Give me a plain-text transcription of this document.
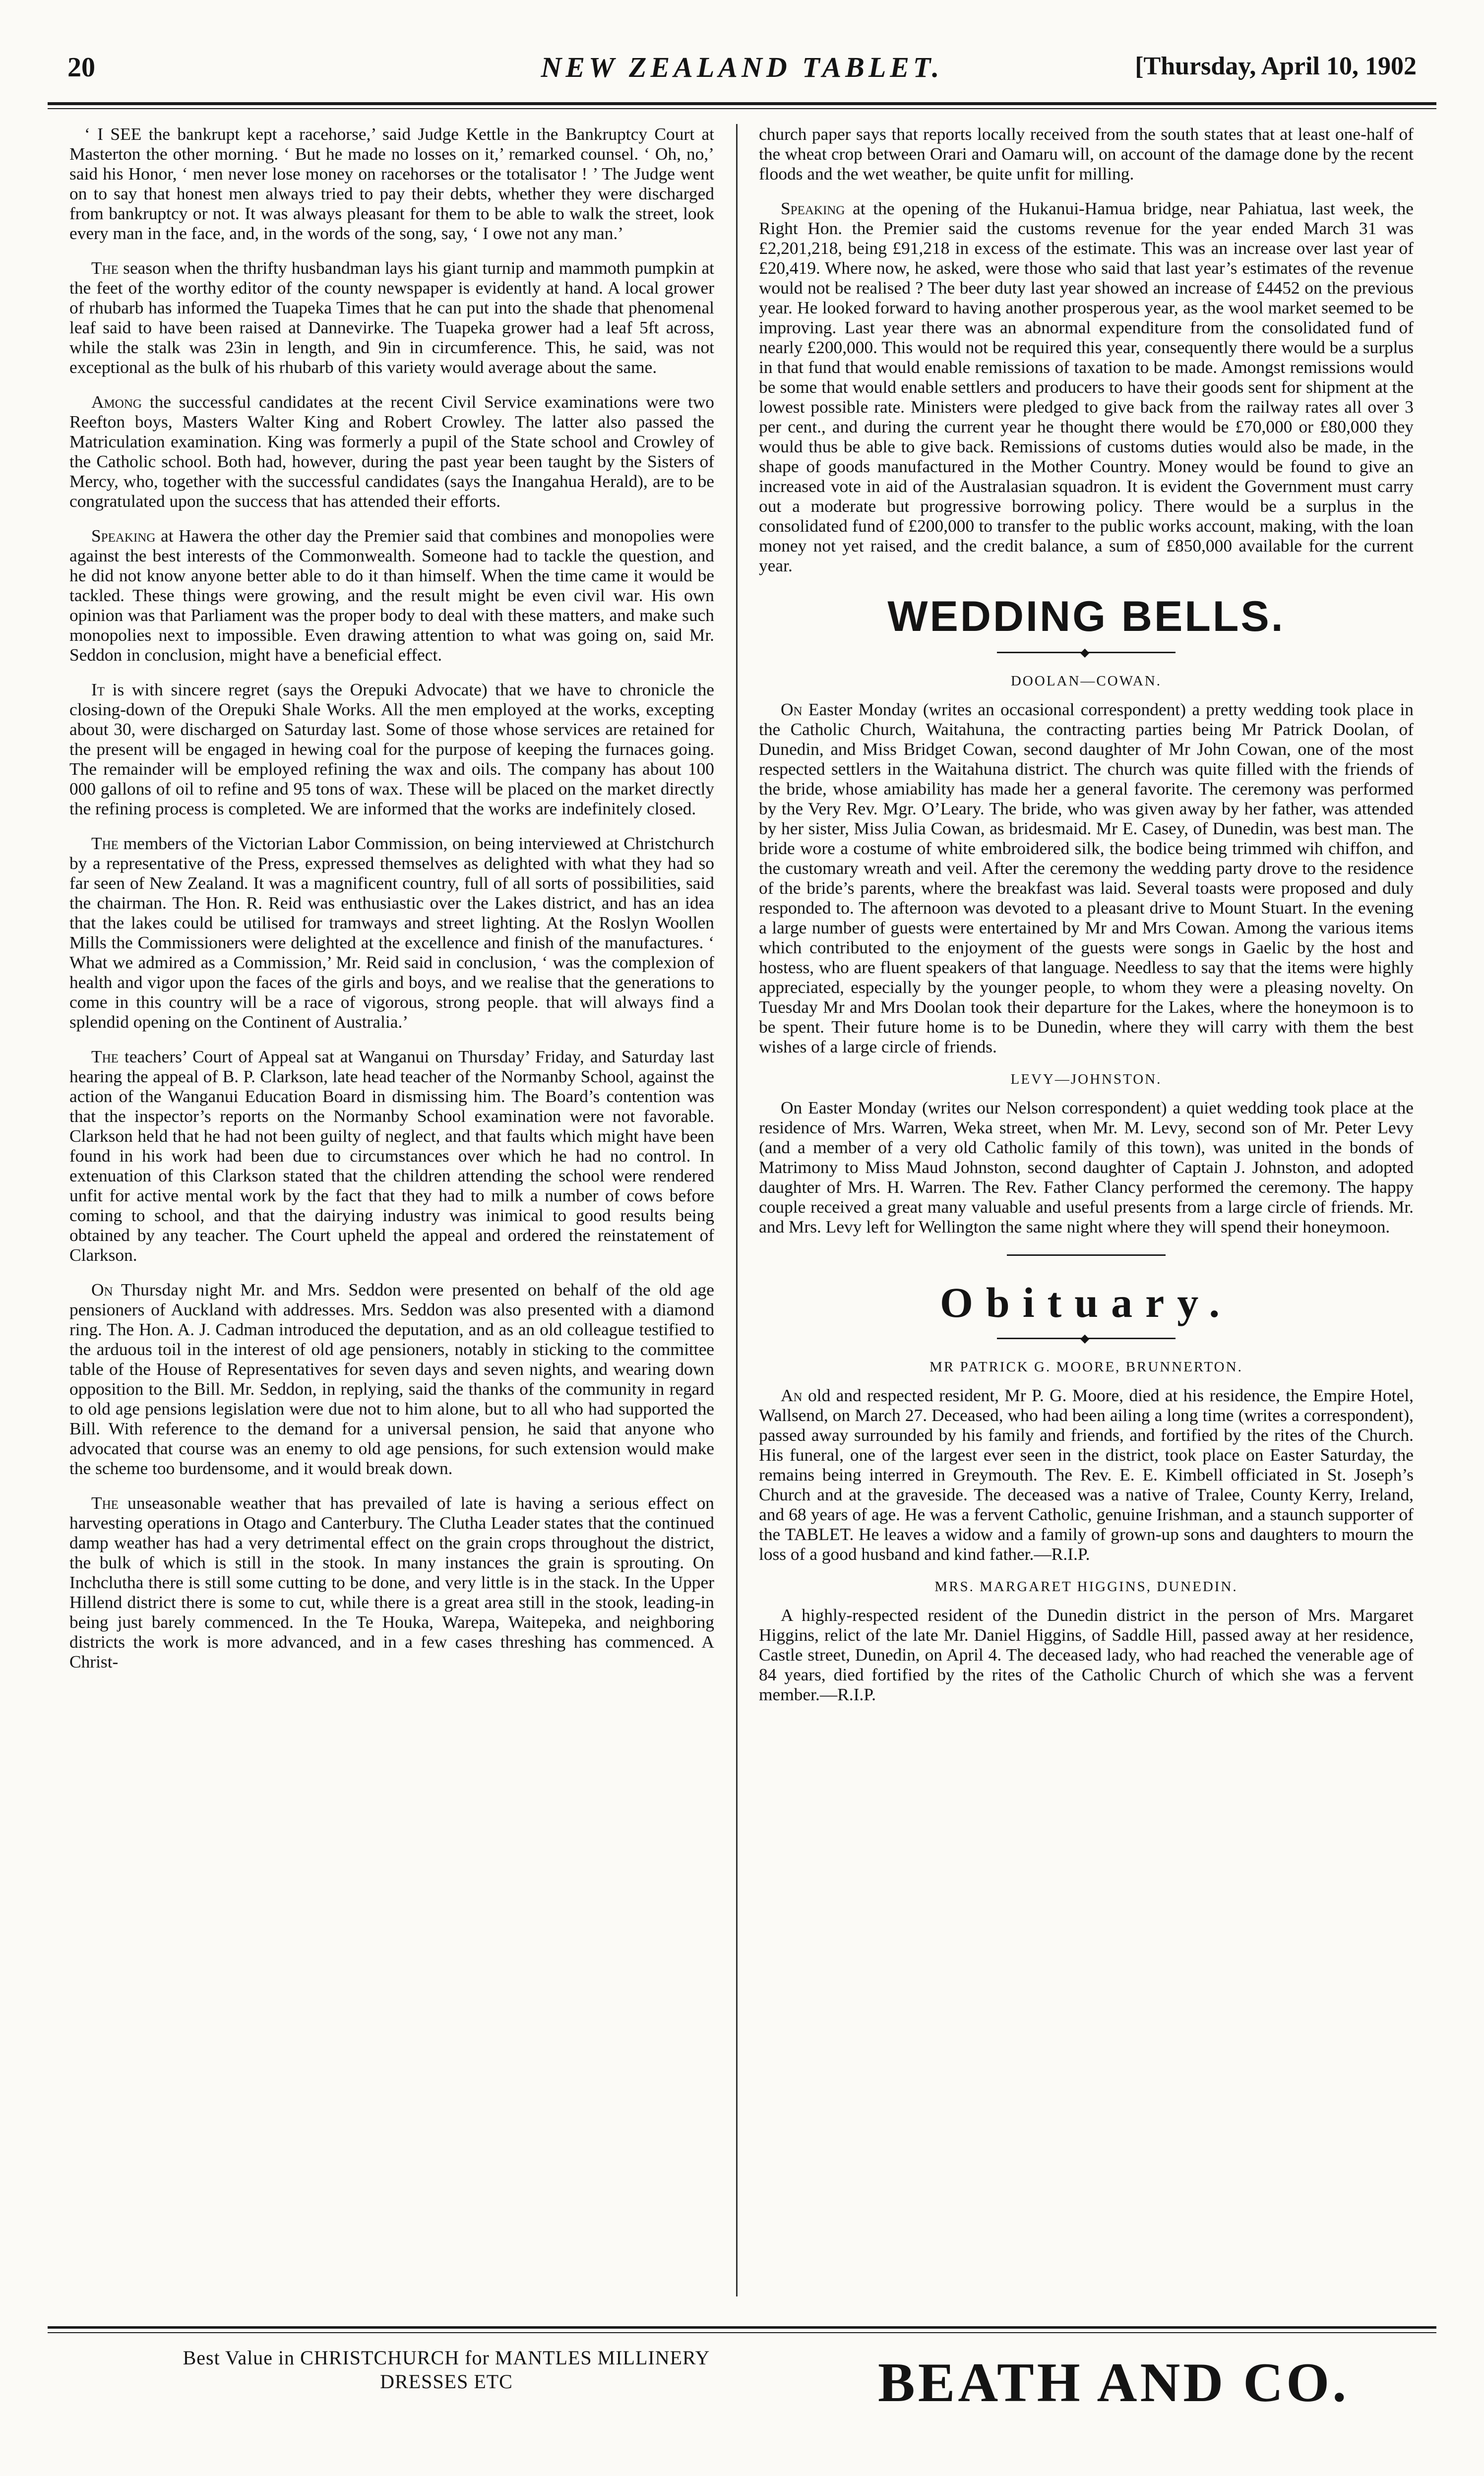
20	NEW ZEALAND TABLET.	[Thursday, April 10, 1902

‘ I SEE the bankrupt kept a racehorse,’ said Judge Kettle in the Bankruptcy Court at Masterton the other morning. ‘ But he made no losses on it,’ remarked counsel. ‘ Oh, no,’ said his Honor, ‘ men never lose money on racehorses or the totalisator ! ’ The Judge went on to say that honest men always tried to pay their debts, whether they were discharged from bankruptcy or not. It was always pleasant for them to be able to walk the street, look every man in the face, and, in the words of the song, say, ‘ I owe not any man.’

The season when the thrifty husbandman lays his giant turnip and mammoth pumpkin at the feet of the worthy editor of the county newspaper is evidently at hand. A local grower of rhubarb has informed the Tuapeka Times that he can put into the shade that phenomenal leaf said to have been raised at Dannevirke. The Tuapeka grower had a leaf 5ft across, while the stalk was 23in in length, and 9in in circumference. This, he said, was not exceptional as the bulk of his rhubarb of this variety would average about the same.

Among the successful candidates at the recent Civil Service examinations were two Reefton boys, Masters Walter King and Robert Crowley. The latter also passed the Matriculation examination. King was formerly a pupil of the State school and Crowley of the Catholic school. Both had, however, during the past year been taught by the Sisters of Mercy, who, together with the successful candidates (says the Inangahua Herald), are to be congratulated upon the success that has attended their efforts.

Speaking at Hawera the other day the Premier said that combines and monopolies were against the best interests of the Commonwealth. Someone had to tackle the question, and he did not know anyone better able to do it than himself. When the time came it would be tackled. These things were growing, and the result might be even civil war. His own opinion was that Parliament was the proper body to deal with these matters, and make such monopolies next to impossible. Even drawing attention to what was going on, said Mr. Seddon in conclusion, might have a beneficial effect.

It is with sincere regret (says the Orepuki Advocate) that we have to chronicle the closing-down of the Orepuki Shale Works. All the men employed at the works, excepting about 30, were discharged on Saturday last. Some of those whose services are retained for the present will be engaged in hewing coal for the purpose of keeping the furnaces going. The remainder will be employed refining the wax and oils. The company has about 100 000 gallons of oil to refine and 95 tons of wax. These will be placed on the market directly the refining process is completed. We are informed that the works are indefinitely closed.

The members of the Victorian Labor Commission, on being interviewed at Christchurch by a representative of the Press, expressed themselves as delighted with what they had so far seen of New Zealand. It was a magnificent country, full of all sorts of possibilities, said the chairman. The Hon. R. Reid was enthusiastic over the Lakes district, and has an idea that the lakes could be utilised for tramways and street lighting. At the Roslyn Woollen Mills the Commissioners were delighted at the excellence and finish of the manufactures. ‘ What we admired as a Commission,’ Mr. Reid said in conclusion, ‘ was the complexion of health and vigor upon the faces of the girls and boys, and we realise that the generations to come in this country will be a race of vigorous, strong people. that will always find a splendid opening on the Continent of Australia.’

The teachers’ Court of Appeal sat at Wanganui on Thursday’ Friday, and Saturday last hearing the appeal of B. P. Clarkson, late head teacher of the Normanby School, against the action of the Wanganui Education Board in dismissing him. The Board’s contention was that the inspector’s reports on the Normanby School examination were not favorable. Clarkson held that he had not been guilty of neglect, and that faults which might have been found in his work had been due to circumstances over which he had no control. In extenuation of this Clarkson stated that the children attending the school were rendered unfit for active mental work by the fact that they had to milk a number of cows before coming to school, and that the dairying industry was inimical to good results being obtained by any teacher. The Court upheld the appeal and ordered the reinstatement of Clarkson.

On Thursday night Mr. and Mrs. Seddon were presented on behalf of the old age pensioners of Auckland with addresses. Mrs. Seddon was also presented with a diamond ring. The Hon. A. J. Cadman introduced the deputation, and as an old colleague testified to the arduous toil in the interest of old age pensioners, notably in sticking to the committee table of the House of Representatives for seven days and seven nights, and wearing down opposition to the Bill. Mr. Seddon, in replying, said the thanks of the community in regard to old age pensions legislation were due not to him alone, but to all who had supported the Bill. With reference to the demand for a universal pension, he said that anyone who advocated that course was an enemy to old age pensions, for such extension would make the scheme too burdensome, and it would break down.

The unseasonable weather that has prevailed of late is having a serious effect on harvesting operations in Otago and Canterbury. The Clutha Leader states that the continued damp weather has had a very detrimental effect on the grain crops throughout the district, the bulk of which is still in the stook. In many instances the grain is sprouting. On Inchclutha there is still some cutting to be done, and very little is in the stack. In the Upper Hillend district there is some to cut, while there is a great area still in the stook, leading-in being just barely commenced. In the Te Houka, Warepa, Waitepeka, and neighboring districts the work is more advanced, and in a few cases threshing has commenced. A Christ-

church paper says that reports locally received from the south states that at least one-half of the wheat crop between Orari and Oamaru will, on account of the damage done by the recent floods and the wet weather, be quite unfit for milling.

Speaking at the opening of the Hukanui-Hamua bridge, near Pahiatua, last week, the Right Hon. the Premier said the customs revenue for the year ended March 31 was £2,201,218, being £91,218 in excess of the estimate. This was an increase over last year of £20,419. Where now, he asked, were those who said that last year’s estimates of the revenue would not be realised ? The beer duty last year showed an increase of £4452 on the previous year. He looked forward to having another prosperous year, as the wool market seemed to be improving. Last year there was an abnormal expenditure from the consolidated fund of nearly £200,000. This would not be required this year, consequently there would be a surplus in that fund that would enable remissions of taxation to be made. Amongst remissions would be some that would enable settlers and producers to have their goods sent for shipment at the lowest possible rate. Ministers were pledged to give back from the railway rates all over 3 per cent., and during the current year he thought there would be £70,000 or £80,000 they would thus be able to give back. Remissions of customs duties would also be made, in the shape of goods manufactured in the Mother Country. Money would be found to give an increased vote in aid of the Australasian squadron. It is evident the Government must carry out a moderate but progressive borrowing policy. There would be a surplus in the consolidated fund of £200,000 to transfer to the public works account, making, with the loan money not yet raised, and the credit balance, a sum of £850,000 available for the current year.

WEDDING BELLS.
◆
DOOLAN—COWAN.

On Easter Monday (writes an occasional correspondent) a pretty wedding took place in the Catholic Church, Waitahuna, the contracting parties being Mr Patrick Doolan, of Dunedin, and Miss Bridget Cowan, second daughter of Mr John Cowan, one of the most respected settlers in the Waitahuna district. The church was quite filled with the friends of the bride, whose amiability has made her a general favorite. The ceremony was performed by the Very Rev. Mgr. O’Leary. The bride, who was given away by her father, was attended by her sister, Miss Julia Cowan, as bridesmaid. Mr E. Casey, of Dunedin, was best man. The bride wore a costume of white embroidered silk, the bodice being trimmed wih chiffon, and the customary wreath and veil. After the ceremony the wedding party drove to the residence of the bride’s parents, where the breakfast was laid. Several toasts were proposed and duly responded to. The afternoon was devoted to a pleasant drive to Mount Stuart. In the evening a large number of guests were entertained by Mr and Mrs Cowan. Among the various items which contributed to the enjoyment of the guests were songs in Gaelic by the host and hostess, who are fluent speakers of that language. Needless to say that the items were highly appreciated, especially by the younger people, to whom they were a pleasing novelty. On Tuesday Mr and Mrs Doolan took their departure for the Lakes, where the honeymoon is to be spent. Their future home is to be Dunedin, where they will carry with them the best wishes of a large circle of friends.

LEVY—JOHNSTON.

On Easter Monday (writes our Nelson correspondent) a quiet wedding took place at the residence of Mrs. Warren, Weka street, when Mr. M. Levy, second son of Mr. Peter Levy (and a member of a very old Catholic family of this town), was united in the bonds of Matrimony to Miss Maud Johnston, second daughter of Captain J. Johnston, and adopted daughter of Mrs. H. Warren. The Rev. Father Clancy performed the ceremony. The happy couple received a great many valuable and useful presents from a large circle of friends. Mr. and Mrs. Levy left for Wellington the same night where they will spend their honeymoon.

Obituary.
◆
MR PATRICK G. MOORE, BRUNNERTON.

An old and respected resident, Mr P. G. Moore, died at his residence, the Empire Hotel, Wallsend, on March 27. Deceased, who had been ailing a long time (writes a correspondent), passed away surrounded by his family and friends, and fortified by the rites of the Church. His funeral, one of the largest ever seen in the district, took place on Easter Saturday, the remains being interred in Greymouth. The Rev. E. E. Kimbell officiated in St. Joseph’s Church and at the graveside. The deceased was a native of Tralee, County Kerry, Ireland, and 68 years of age. He was a fervent Catholic, genuine Irishman, and a staunch supporter of the TABLET. He leaves a widow and a family of grown-up sons and daughters to mourn the loss of a good husband and kind father.—R.I.P.

MRS. MARGARET HIGGINS, DUNEDIN.

A highly-respected resident of the Dunedin district in the person of Mrs. Margaret Higgins, relict of the late Mr. Daniel Higgins, of Saddle Hill, passed away at her residence, Castle street, Dunedin, on April 4. The deceased lady, who had reached the venerable age of 84 years, died fortified by the rites of the Catholic Church of which she was a fervent member.—R.I.P.

Best Value in CHRISTCHURCH for MANTLES MILLINERY
DRESSES ETC	BEATH AND CO.
